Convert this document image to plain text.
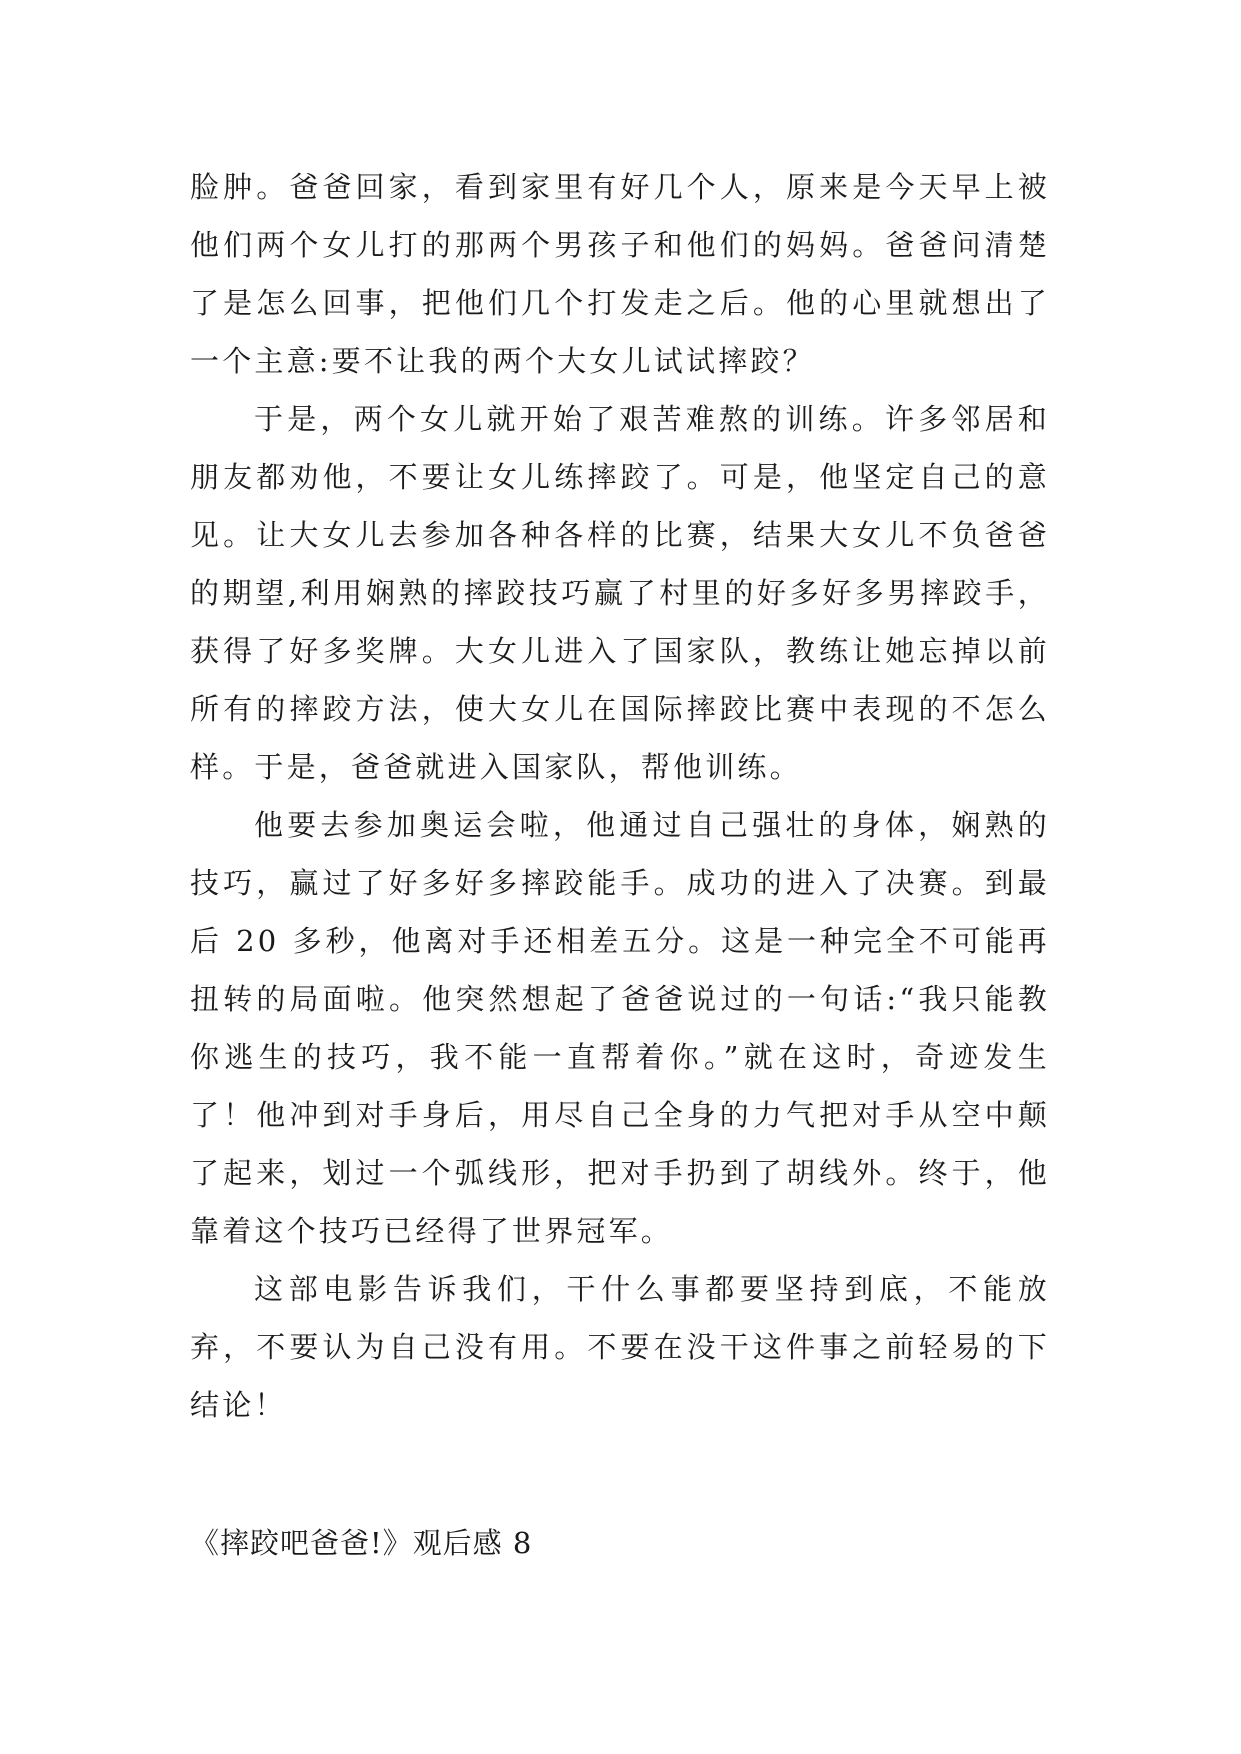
脸肿。爸爸回家，看到家里有好几个人，原来是今天早上被他们两个女儿打的那两个男孩子和他们的妈妈。爸爸问清楚了是怎么回事，把他们几个打发走之后。他的心里就想出了一个主意:要不让我的两个大女儿试试摔跤？

于是，两个女儿就开始了艰苦难熬的训练。许多邻居和朋友都劝他，不要让女儿练摔跤了。可是，他坚定自己的意见。让大女儿去参加各种各样的比赛，结果大女儿不负爸爸的期望,利用娴熟的摔跤技巧赢了村里的好多好多男摔跤手，获得了好多奖牌。大女儿进入了国家队，教练让她忘掉以前所有的摔跤方法，使大女儿在国际摔跤比赛中表现的不怎么样。于是，爸爸就进入国家队，帮他训练。

他要去参加奥运会啦，他通过自己强壮的身体，娴熟的技巧，赢过了好多好多摔跤能手。成功的进入了决赛。到最后 20 多秒，他离对手还相差五分。这是一种完全不可能再扭转的局面啦。他突然想起了爸爸说过的一句话:“我只能教你逃生的技巧，我不能一直帮着你。”就在这时，奇迹发生了！他冲到对手身后，用尽自己全身的力气把对手从空中颠了起来，划过一个弧线形，把对手扔到了胡线外。终于，他靠着这个技巧已经得了世界冠军。

这部电影告诉我们，干什么事都要坚持到底，不能放弃，不要认为自己没有用。不要在没干这件事之前轻易的下结论！

《摔跤吧爸爸!》观后感 8
